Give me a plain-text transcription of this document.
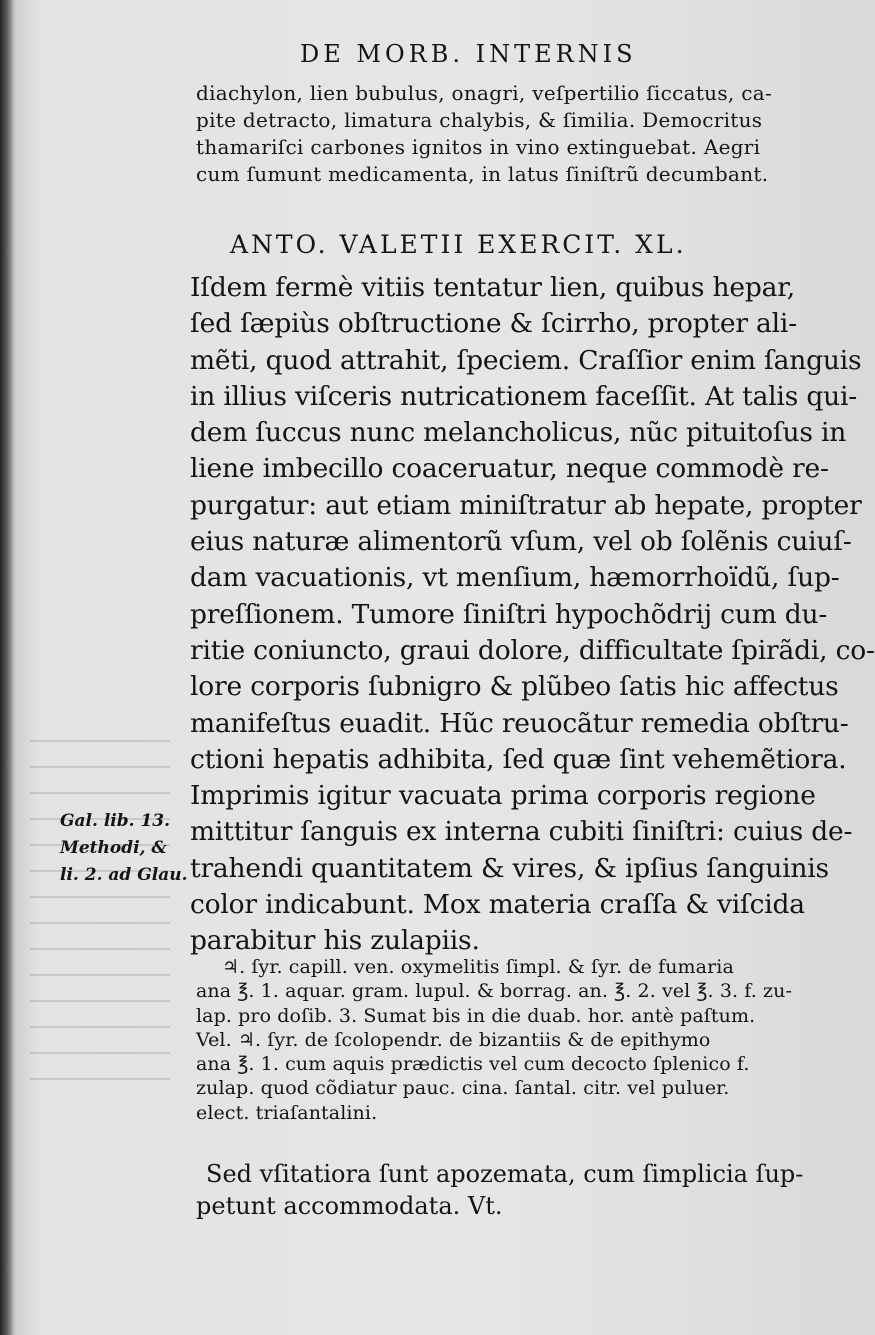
DE MORB. INTERNIS
diachylon, lien bubulus, onagri, veſpertilio ſiccatus, ca-
pite detracto, limatura chalybis, & ſimilia. Democritus
thamariſci carbones ignitos in vino extinguebat. Aegri
cum ſumunt medicamenta, in latus ſiniſtrũ decumbant.
ANTO. VALETII EXERCIT. XL.
Iſdem fermè vitiis tentatur lien, quibus hepar,
ſed ſæpiùs obſtructione & ſcirrho, propter ali-
mẽti, quod attrahit, ſpeciem. Craſſior enim ſanguis
in illius viſceris nutricationem faceſſit. At talis qui-
dem ſuccus nunc melancholicus, nũc pituitoſus in
liene imbecillo coaceruatur, neque commodè re-
purgatur: aut etiam miniſtratur ab hepate, propter
eius naturæ alimentorũ vſum, vel ob ſolẽnis cuiuſ-
dam vacuationis, vt menſium, hæmorrhoïdũ, ſup-
preſſionem. Tumore ſiniſtri hypochõdrij cum du-
ritie coniuncto, graui dolore, difficultate ſpirãdi, co-
lore corporis ſubnigro & plũbeo ſatis hic affectus
manifeſtus euadit. Hũc reuocãtur remedia obſtru-
ctioni hepatis adhibita, ſed quæ ſint vehemẽtiora.
Imprimis igitur vacuata prima corporis regione
mittitur ſanguis ex interna cubiti ſiniſtri: cuius de-
trahendi quantitatem & vires, & ipſius ſanguinis
color indicabunt. Mox materia craſſa & viſcida
parabitur his zulapiis.
Gal. lib. 13.
Methodi, &
li. 2. ad Glau.
♃. ſyr. capill. ven. oxymelitis ſimpl. & ſyr. de fumaria
ana ℥. 1. aquar. gram. lupul. & borrag. an. ℥. 2. vel ℥. 3. f. zu-
lap. pro doſib. 3. Sumat bis in die duab. hor. antè paſtum.
Vel. ♃. ſyr. de ſcolopendr. de bizantiis & de epithymo
ana ℥. 1. cum aquis prædictis vel cum decocto ſplenico f.
zulap. quod cõdiatur pauc. cina. ſantal. citr. vel puluer.
elect. triaſantalini.
Sed vſitatiora ſunt apozemata, cum ſimplicia ſup-
petunt accommodata. Vt.
